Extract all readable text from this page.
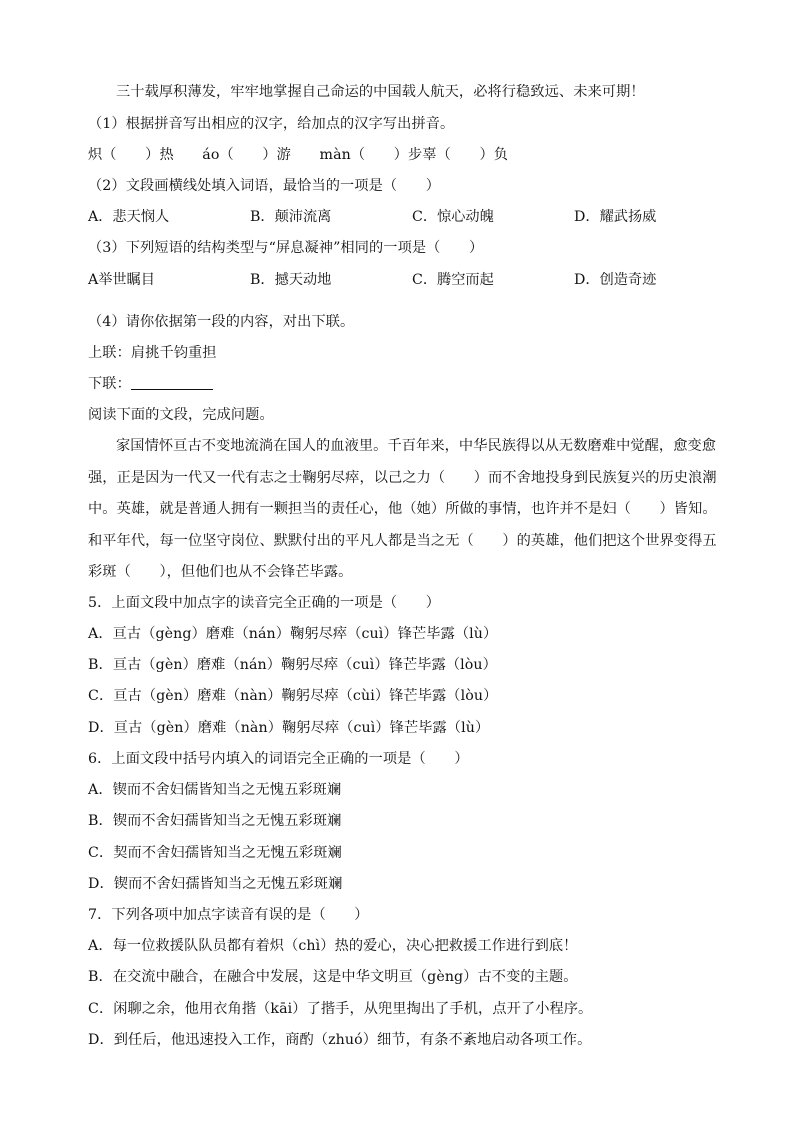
三十载厚积薄发，牢牢地掌握自己命运的中国载人航天，必将行稳致远、未来可期！
（1）根据拼音写出相应的汉字，给加点的汉字写出拼音。
炽（　　）热　　áo（　　）游　　màn（　　）步辜（　　）负
（2）文段画横线处填入词语，最恰当的一项是（　　）
A．悲天悯人	B．颠沛流离	C．惊心动魄	D．耀武扬威
（3）下列短语的结构类型与“屏息凝神”相同的一项是（　　）
A举世瞩目	B．撼天动地	C．腾空而起	D．创造奇迹
（4）请你依据第一段的内容，对出下联。
上联：肩挑千钧重担
下联：
阅读下面的文段，完成问题。
家国情怀亘古不变地流淌在国人的血液里。千百年来，中华民族得以从无数磨难中觉醒，愈变愈
强，正是因为一代又一代有志之士鞠躬尽瘁，以己之力（　　）而不舍地投身到民族复兴的历史浪潮
中。英雄，就是普通人拥有一颗担当的责任心，他（她）所做的事情，也许并不是妇（　　）皆知。
和平年代，每一位坚守岗位、默默付出的平凡人都是当之无（　　）的英雄，他们把这个世界变得五
彩斑（　　），但他们也从不会锋芒毕露。
5．上面文段中加点字的读音完全正确的一项是（　　）
A．亘古（gèng）磨难（nán）鞠躬尽瘁（cuì）锋芒毕露（lù）
B．亘古（gèn）磨难（nán）鞠躬尽瘁（cuì）锋芒毕露（lòu）
C．亘古（gèn）磨难（nàn）鞠躬尽瘁（cùi）锋芒毕露（lòu）
D．亘古（gèn）磨难（nàn）鞠躬尽瘁（cuì）锋芒毕露（lù）
6．上面文段中括号内填入的词语完全正确的一项是（　　）
A．锲而不舍妇儒皆知当之无愧五彩斑斓
B．锲而不舍妇孺皆知当之无愧五彩斑斓
C．契而不舍妇孺皆知当之无愧五彩斑斓
D．锲而不舍妇孺皆知当之无愧五彩斑斓
7．下列各项中加点字读音有误的是（　　）
A．每一位救援队队员都有着炽（chì）热的爱心，决心把救援工作进行到底！
B．在交流中融合，在融合中发展，这是中华文明亘（gèng）古不变的主题。
C．闲聊之余，他用衣角揩（kāi）了揩手，从兜里掏出了手机，点开了小程序。
D．到任后，他迅速投入工作，商酌（zhuó）细节，有条不紊地启动各项工作。
